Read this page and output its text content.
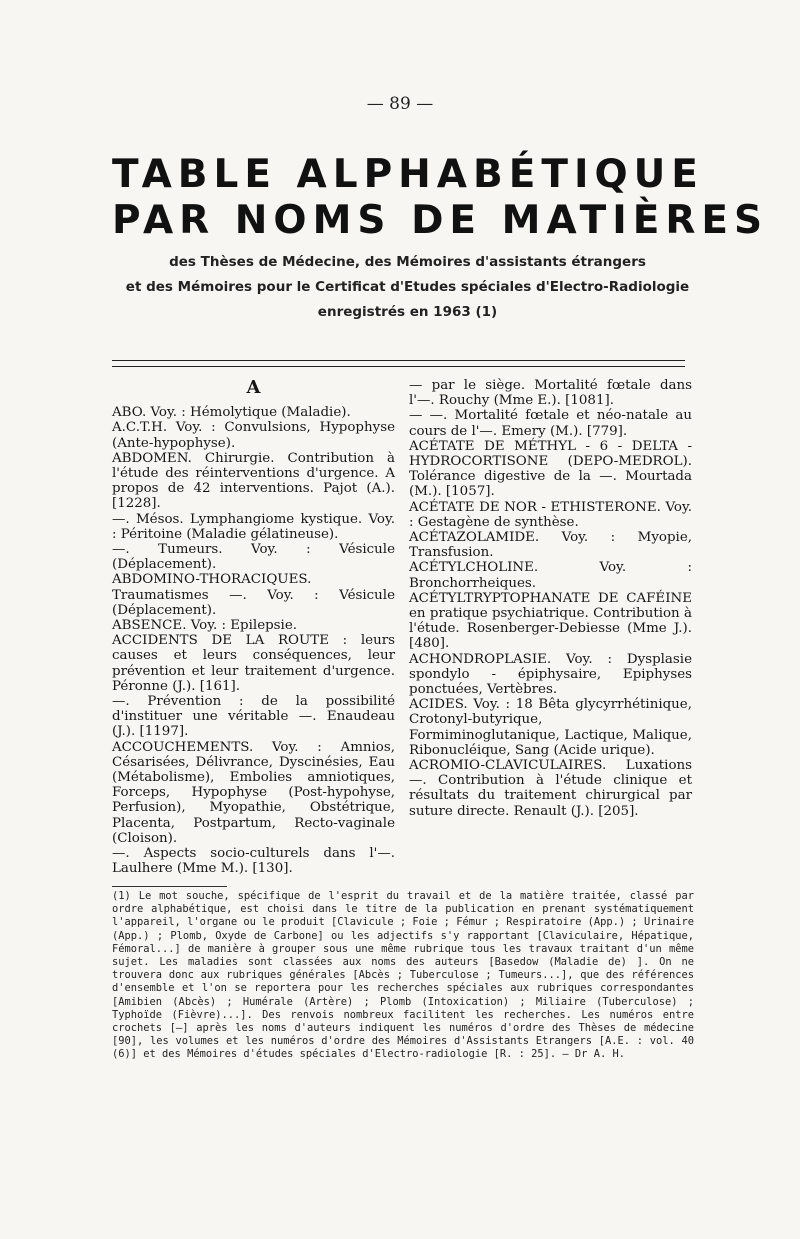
— 89 —
TABLE ALPHABÉTIQUE
PAR NOMS DE MATIÈRES
des Thèses de Médecine, des Mémoires d'assistants étrangers
et des Mémoires pour le Certificat d'Etudes spéciales d'Electro-Radiologie
enregistrés en 1963 (1)
A

ABO. Voy. : Hémolytique (Maladie).

A.C.T.H. Voy. : Convulsions, Hypophyse (Ante-hypophyse).

ABDOMEN. Chirurgie. Contribution à l'étude des réinterventions d'urgence. A propos de 42 interventions. Pajot (A.). [1228].

—. Mésos. Lymphangiome kystique. Voy. : Péritoine (Maladie gélatineuse).

—. Tumeurs. Voy. : Vésicule (Déplacement).

ABDOMINO-THORACIQUES. Traumatismes —. Voy. : Vésicule (Déplacement).

ABSENCE. Voy. : Epilepsie.

ACCIDENTS DE LA ROUTE : leurs causes et leurs conséquences, leur prévention et leur traitement d'urgence. Péronne (J.). [161].

—. Prévention : de la possibilité d'instituer une véritable —. Enaudeau (J.). [1197].

ACCOUCHEMENTS. Voy. : Amnios, Césarisées, Délivrance, Dyscinésies, Eau (Métabolisme), Embolies amniotiques, Forceps, Hypophyse (Post-hypohyse, Perfusion), Myopathie, Obstétrique, Placenta, Postpartum, Recto-vaginale (Cloison).

—. Aspects socio-culturels dans l'—. Laulhere (Mme M.). [130].

— par le siège. Mortalité fœtale dans l'—. Rouchy (Mme E.). [1081].

— —. Mortalité fœtale et néo-natale au cours de l'—. Emery (M.). [779].

ACÉTATE DE MÉTHYL - 6 - DELTA - HYDROCORTISONE (DEPO-MEDROL). Tolérance digestive de la —. Mourtada (M.). [1057].

ACÉTATE DE NOR - ETHISTERONE. Voy. : Gestagène de synthèse.

ACÉTAZOLAMIDE. Voy. : Myopie, Transfusion.

ACÉTYLCHOLINE. Voy. : Bronchorrheiques.

ACÉTYLTRYPTOPHANATE DE CAFÉINE en pratique psychiatrique. Contribution à l'étude. Rosenberger-Debiesse (Mme J.). [480].

ACHONDROPLASIE. Voy. : Dysplasie spondylo - épiphysaire, Epiphyses ponctuées, Vertèbres.

ACIDES. Voy. : 18 Bêta glycyrrhétinique, Crotonyl-butyrique, Formiminoglutanique, Lactique, Malique, Ribonucléique, Sang (Acide urique).

ACROMIO-CLAVICULAIRES. Luxations —. Contribution à l'étude clinique et résultats du traitement chirurgical par suture directe. Renault (J.). [205].

(1) Le mot souche, spécifique de l'esprit du travail et de la matière traitée, classé par ordre alphabétique, est choisi dans le titre de la publication en prenant systématiquement l'appareil, l'organe ou le produit [Clavicule ; Foie ; Fémur ; Respiratoire (App.) ; Urinaire (App.) ; Plomb, Oxyde de Carbone] ou les adjectifs s'y rapportant [Claviculaire, Hépatique, Fémoral...] de manière à grouper sous une même rubrique tous les travaux traitant d'un même sujet. Les maladies sont classées aux noms des auteurs [Basedow (Maladie de) ]. On ne trouvera donc aux rubriques générales [Abcès ; Tuberculose ; Tumeurs...], que des références d'ensemble et l'on se reportera pour les recherches spéciales aux rubriques correspondantes [Amibien (Abcès) ; Humérale (Artère) ; Plomb (Intoxication) ; Miliaire (Tuberculose) ; Typhoïde (Fièvre)...]. Des renvois nombreux facilitent les recherches. Les numéros entre crochets [—] après les noms d'auteurs indiquent les numéros d'ordre des Thèses de médecine [90], les volumes et les numéros d'ordre des Mémoires d'Assistants Etrangers [A.E. : vol. 40 (6)] et des Mémoires d'études spéciales d'Electro-radiologie [R. : 25]. — Dr A. H.
